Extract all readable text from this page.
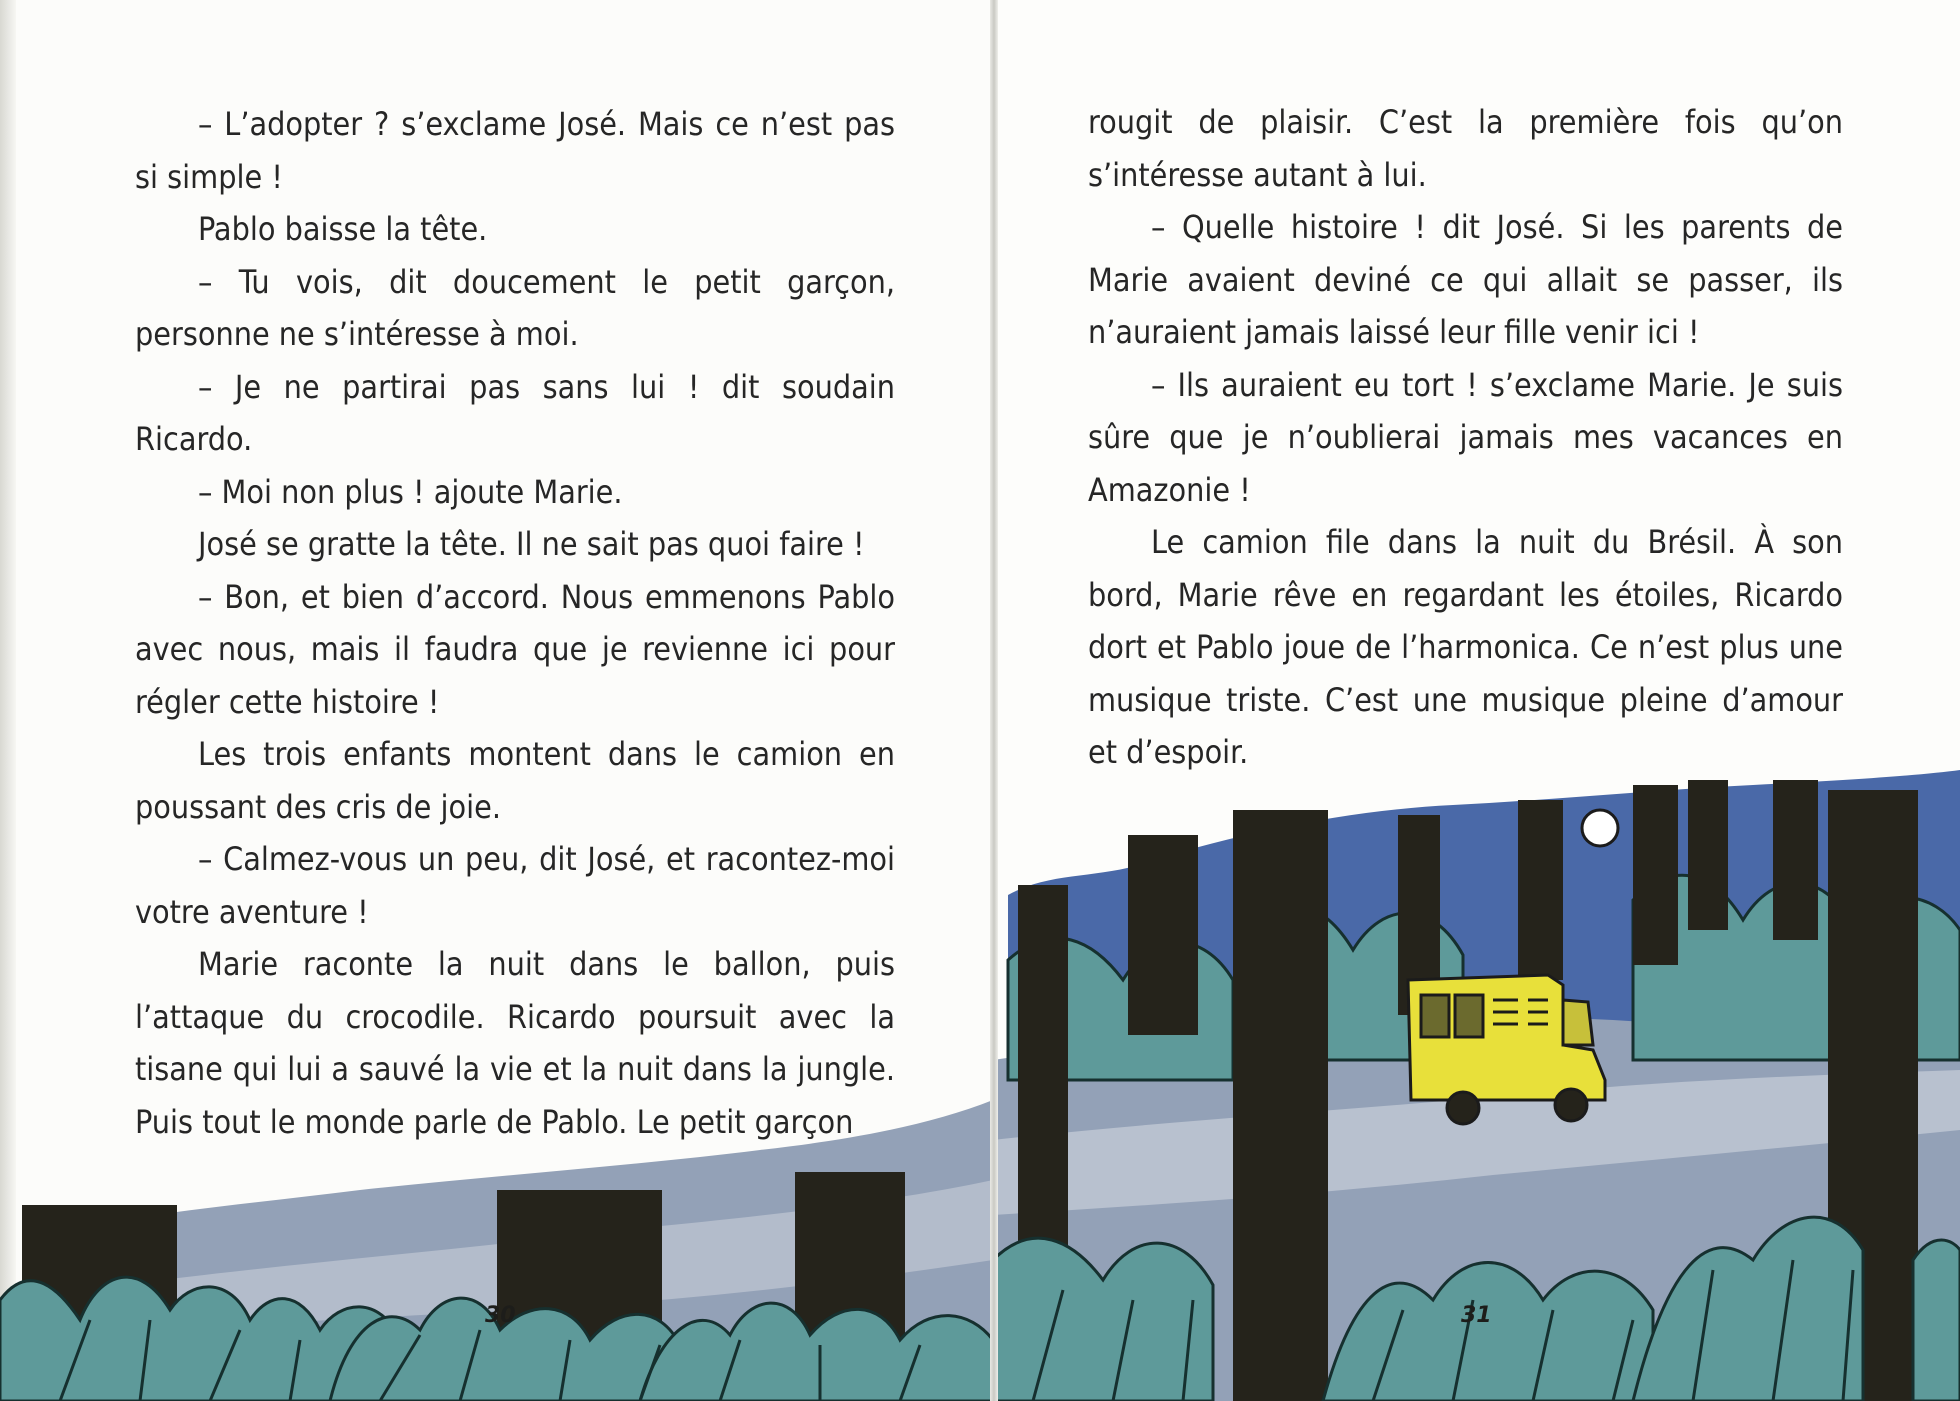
30

– L’adopter ? s’exclame José. Mais ce n’est pas si simple !

Pablo baisse la tête.

– Tu vois, dit doucement le petit garçon, personne ne s’intéresse à moi.

– Je ne partirai pas sans lui ! dit soudain Ricardo.

– Moi non plus ! ajoute Marie.

José se gratte la tête. Il ne sait pas quoi faire !

– Bon, et bien d’accord. Nous emmenons Pablo avec nous, mais il faudra que je revienne ici pour régler cette histoire !

Les trois enfants montent dans le camion en poussant des cris de joie.

– Calmez-vous un peu, dit José, et racontez-moi votre aventure !

Marie raconte la nuit dans le ballon, puis l’attaque du crocodile. Ricardo poursuit avec la tisane qui lui a sauvé la vie et la nuit dans la jungle. Puis tout le monde parle de Pablo. Le petit garçon

31

rougit de plaisir. C’est la première fois qu’on s’intéresse autant à lui.

– Quelle histoire ! dit José. Si les parents de Marie avaient deviné ce qui allait se passer, ils n’auraient jamais laissé leur fille venir ici !

– Ils auraient eu tort ! s’exclame Marie. Je suis sûre que je n’oublierai jamais mes vacances en Amazonie !

Le camion file dans la nuit du Brésil. À son bord, Marie rêve en regardant les étoiles, Ricardo dort et Pablo joue de l’harmonica. Ce n’est plus une musique triste. C’est une musique pleine d’amour et d’espoir.
